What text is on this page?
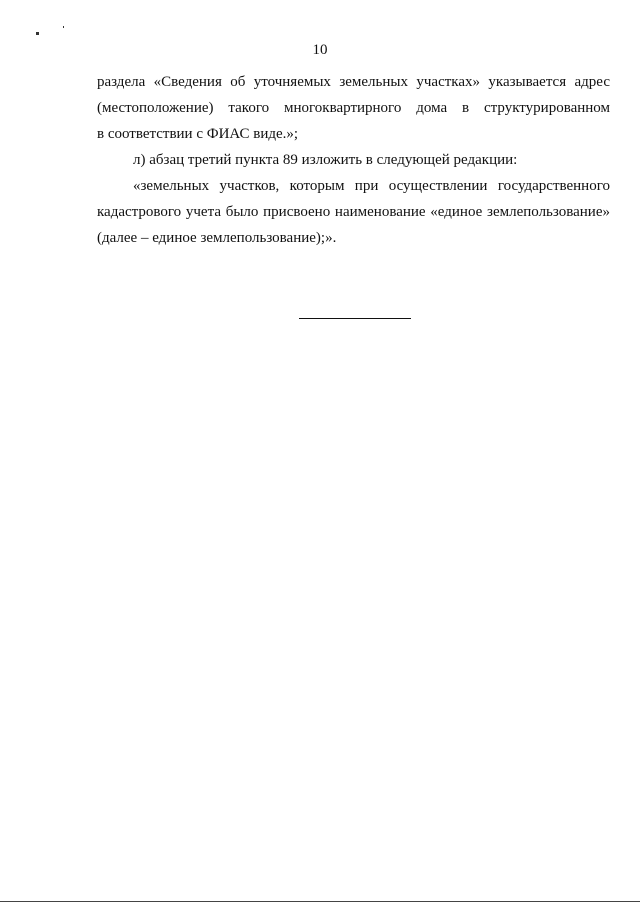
10
раздела «Сведения об уточняемых земельных участках» указывается адрес
(местоположение) такого многоквартирного дома в структурированном
в соответствии с ФИАС виде.»;
л) абзац третий пункта 89 изложить в следующей редакции:
«земельных участков, которым при осуществлении государственного
кадастрового учета было присвоено наименование «единое землепользование»
(далее – единое землепользование);».
